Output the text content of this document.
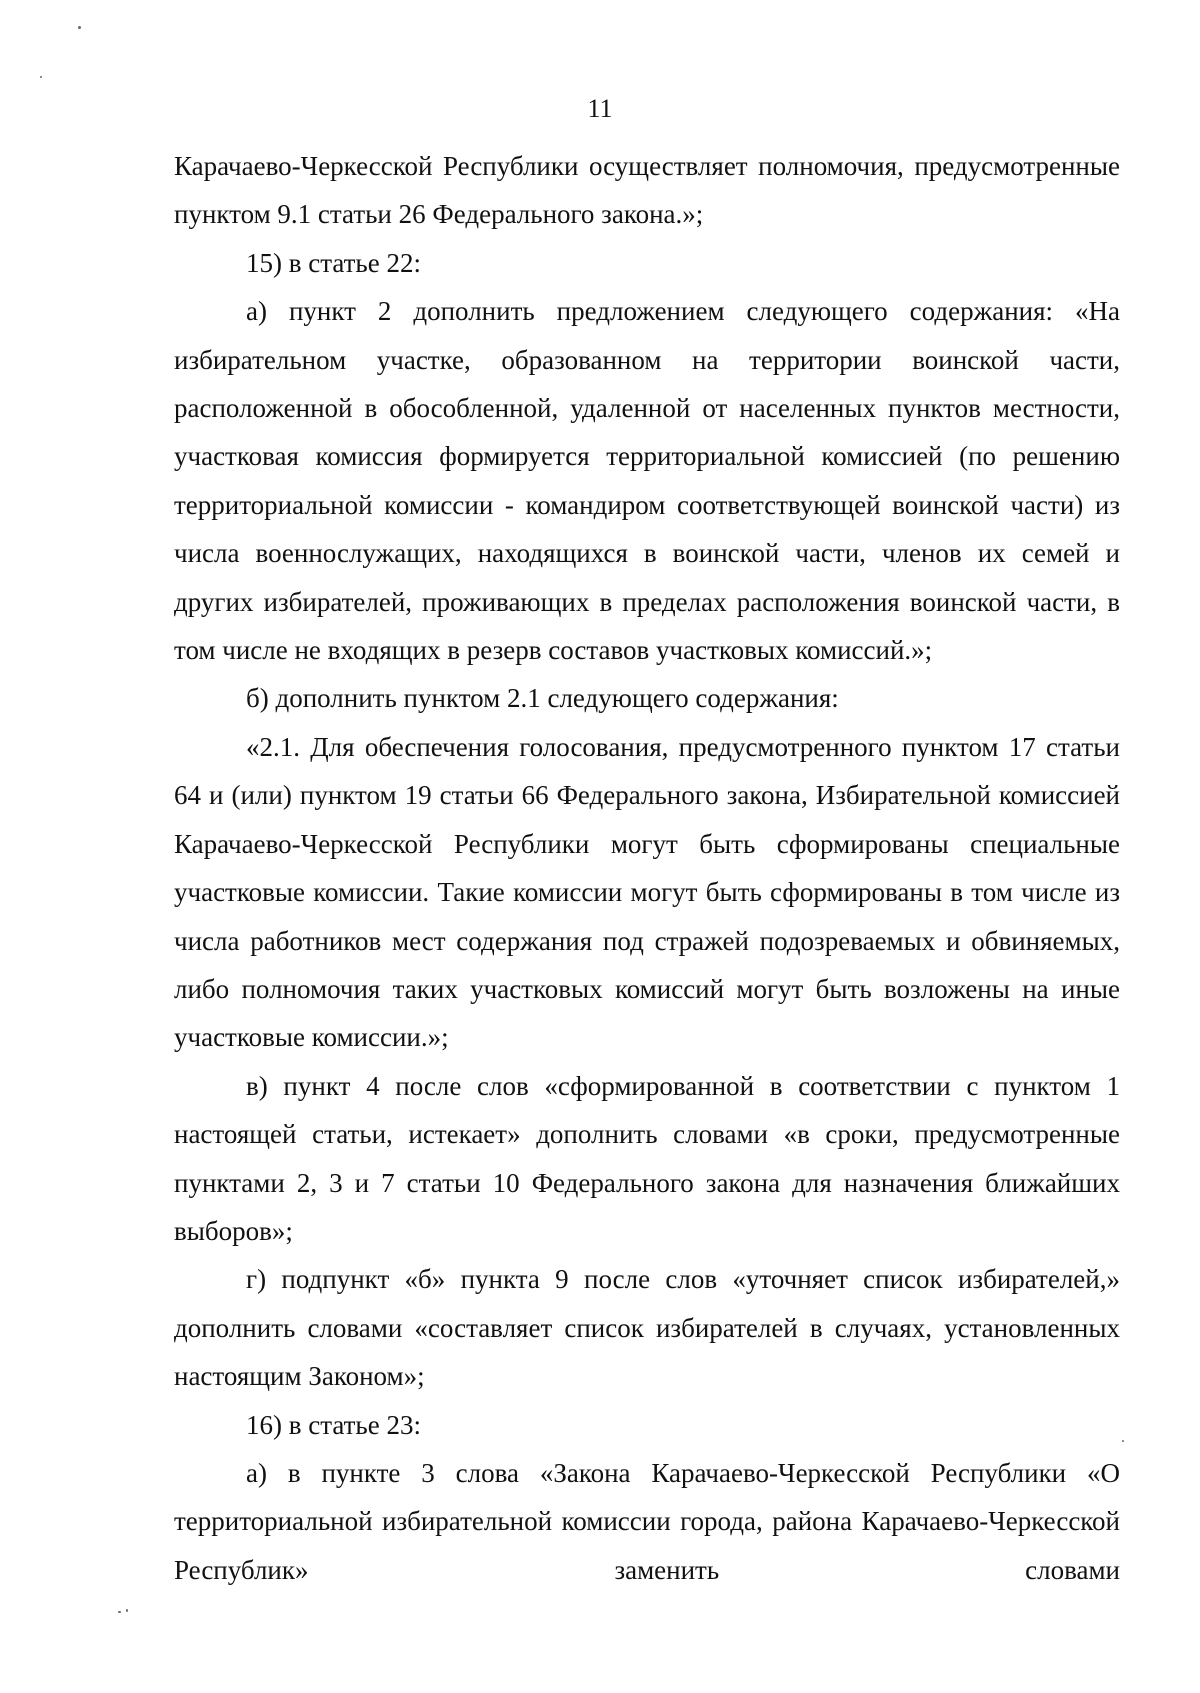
11

Карачаево-Черкесской Республики осуществляет полномочия, предусмотренные пунктом 9.1 статьи 26 Федерального закона.»;

15) в статье 22:

а) пункт 2 дополнить предложением следующего содержания: «На избирательном участке, образованном на территории воинской части, расположенной в обособленной, удаленной от населенных пунктов местности, участковая комиссия формируется территориальной комиссией (по решению территориальной комиссии - командиром соответствующей воинской части) из числа военнослужащих, находящихся в воинской части, членов их семей и других избирателей, проживающих в пределах расположения воинской части, в том числе не входящих в резерв составов участковых комиссий.»;

б) дополнить пунктом 2.1 следующего содержания:

«2.1. Для обеспечения голосования, предусмотренного пунктом 17 статьи 64 и (или) пунктом 19 статьи 66 Федерального закона, Избирательной комиссией Карачаево-Черкесской Республики могут быть сформированы специальные участковые комиссии. Такие комиссии могут быть сформированы в том числе из числа работников мест содержания под стражей подозреваемых и обвиняемых, либо полномочия таких участковых комиссий могут быть возложены на иные участковые комиссии.»;

в) пункт 4 после слов «сформированной в соответствии с пунктом 1 настоящей статьи, истекает» дополнить словами «в сроки, предусмотренные пунктами 2, 3 и 7 статьи 10 Федерального закона для назначения ближайших выборов»;

г) подпункт «б» пункта 9 после слов «уточняет список избирателей,» дополнить словами «составляет список избирателей в случаях, установленных настоящим Законом»;

16) в статье 23:

а) в пункте 3 слова «Закона Карачаево-Черкесской Республики «О территориальной избирательной комиссии города, района Карачаево-Черкесской Республик» заменить словами
